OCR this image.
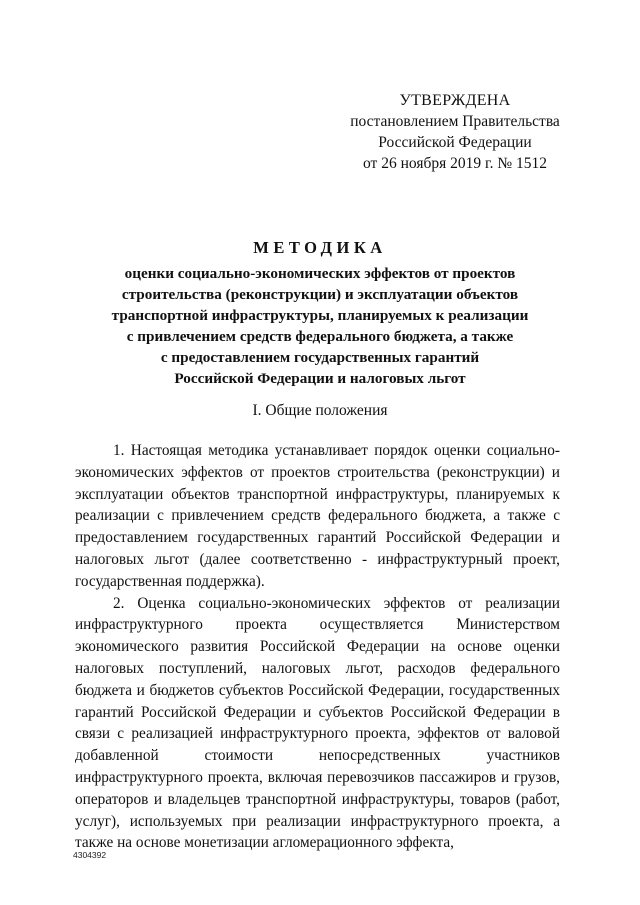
УТВЕРЖДЕНА
постановлением Правительства
Российской Федерации
от 26 ноября 2019 г. № 1512
МЕТОДИКА
оценки социально-экономических эффектов от проектов
строительства (реконструкции) и эксплуатации объектов
транспортной инфраструктуры, планируемых к реализации
с привлечением средств федерального бюджета, а также
с предоставлением государственных гарантий
Российской Федерации и налоговых льгот
I. Общие положения

1. Настоящая методика устанавливает порядок оценки социально-экономических эффектов от проектов строительства (реконструкции) и эксплуатации объектов транспортной инфраструктуры, планируемых к реализации с привлечением средств федерального бюджета, а также с предоставлением государственных гарантий Российской Федерации и налоговых льгот (далее соответственно - инфраструктурный проект, государственная поддержка).

2. Оценка социально-экономических эффектов от реализации инфраструктурного проекта осуществляется Министерством экономического развития Российской Федерации на основе оценки налоговых поступлений, налоговых льгот, расходов федерального бюджета и бюджетов субъектов Российской Федерации, государственных гарантий Российской Федерации и субъектов Российской Федерации в связи с реализацией инфраструктурного проекта, эффектов от валовой добавленной стоимости непосредственных участников инфраструктурного проекта, включая перевозчиков пассажиров и грузов, операторов и владельцев транспортной инфраструктуры, товаров (работ, услуг), используемых при реализации инфраструктурного проекта, а также на основе монетизации агломерационного эффекта,

4304392
